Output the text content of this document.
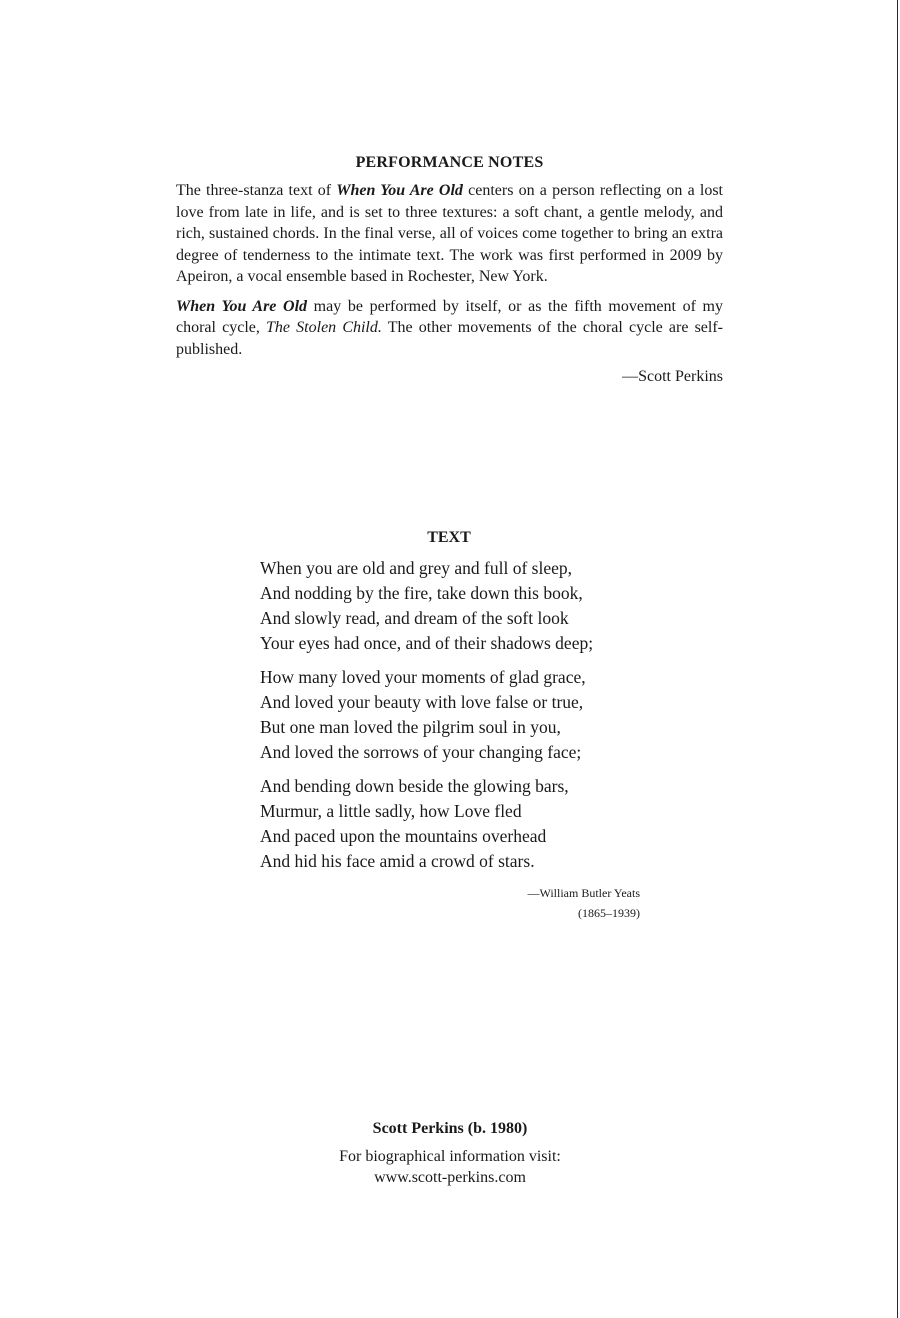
PERFORMANCE NOTES

The three-stanza text of When You Are Old centers on a person reflecting on a lost love from late in life, and is set to three textures: a soft chant, a gentle melody, and rich, sustained chords. In the final verse, all of voices come together to bring an extra degree of tenderness to the intimate text. The work was first performed in 2009 by Apeiron, a vocal ensemble based in Rochester, New York.

When You Are Old may be performed by itself, or as the fifth movement of my choral cycle, The Stolen Child. The other movements of the choral cycle are self-published.

—Scott Perkins
TEXT
When you are old and grey and full of sleep,
And nodding by the fire, take down this book,
And slowly read, and dream of the soft look
Your eyes had once, and of their shadows deep;
How many loved your moments of glad grace,
And loved your beauty with love false or true,
But one man loved the pilgrim soul in you,
And loved the sorrows of your changing face;
And bending down beside the glowing bars,
Murmur, a little sadly, how Love fled
And paced upon the mountains overhead
And hid his face amid a crowd of stars.
—William Butler Yeats
(1865–1939)
Scott Perkins (b. 1980)
For biographical information visit:
www.scott-perkins.com
